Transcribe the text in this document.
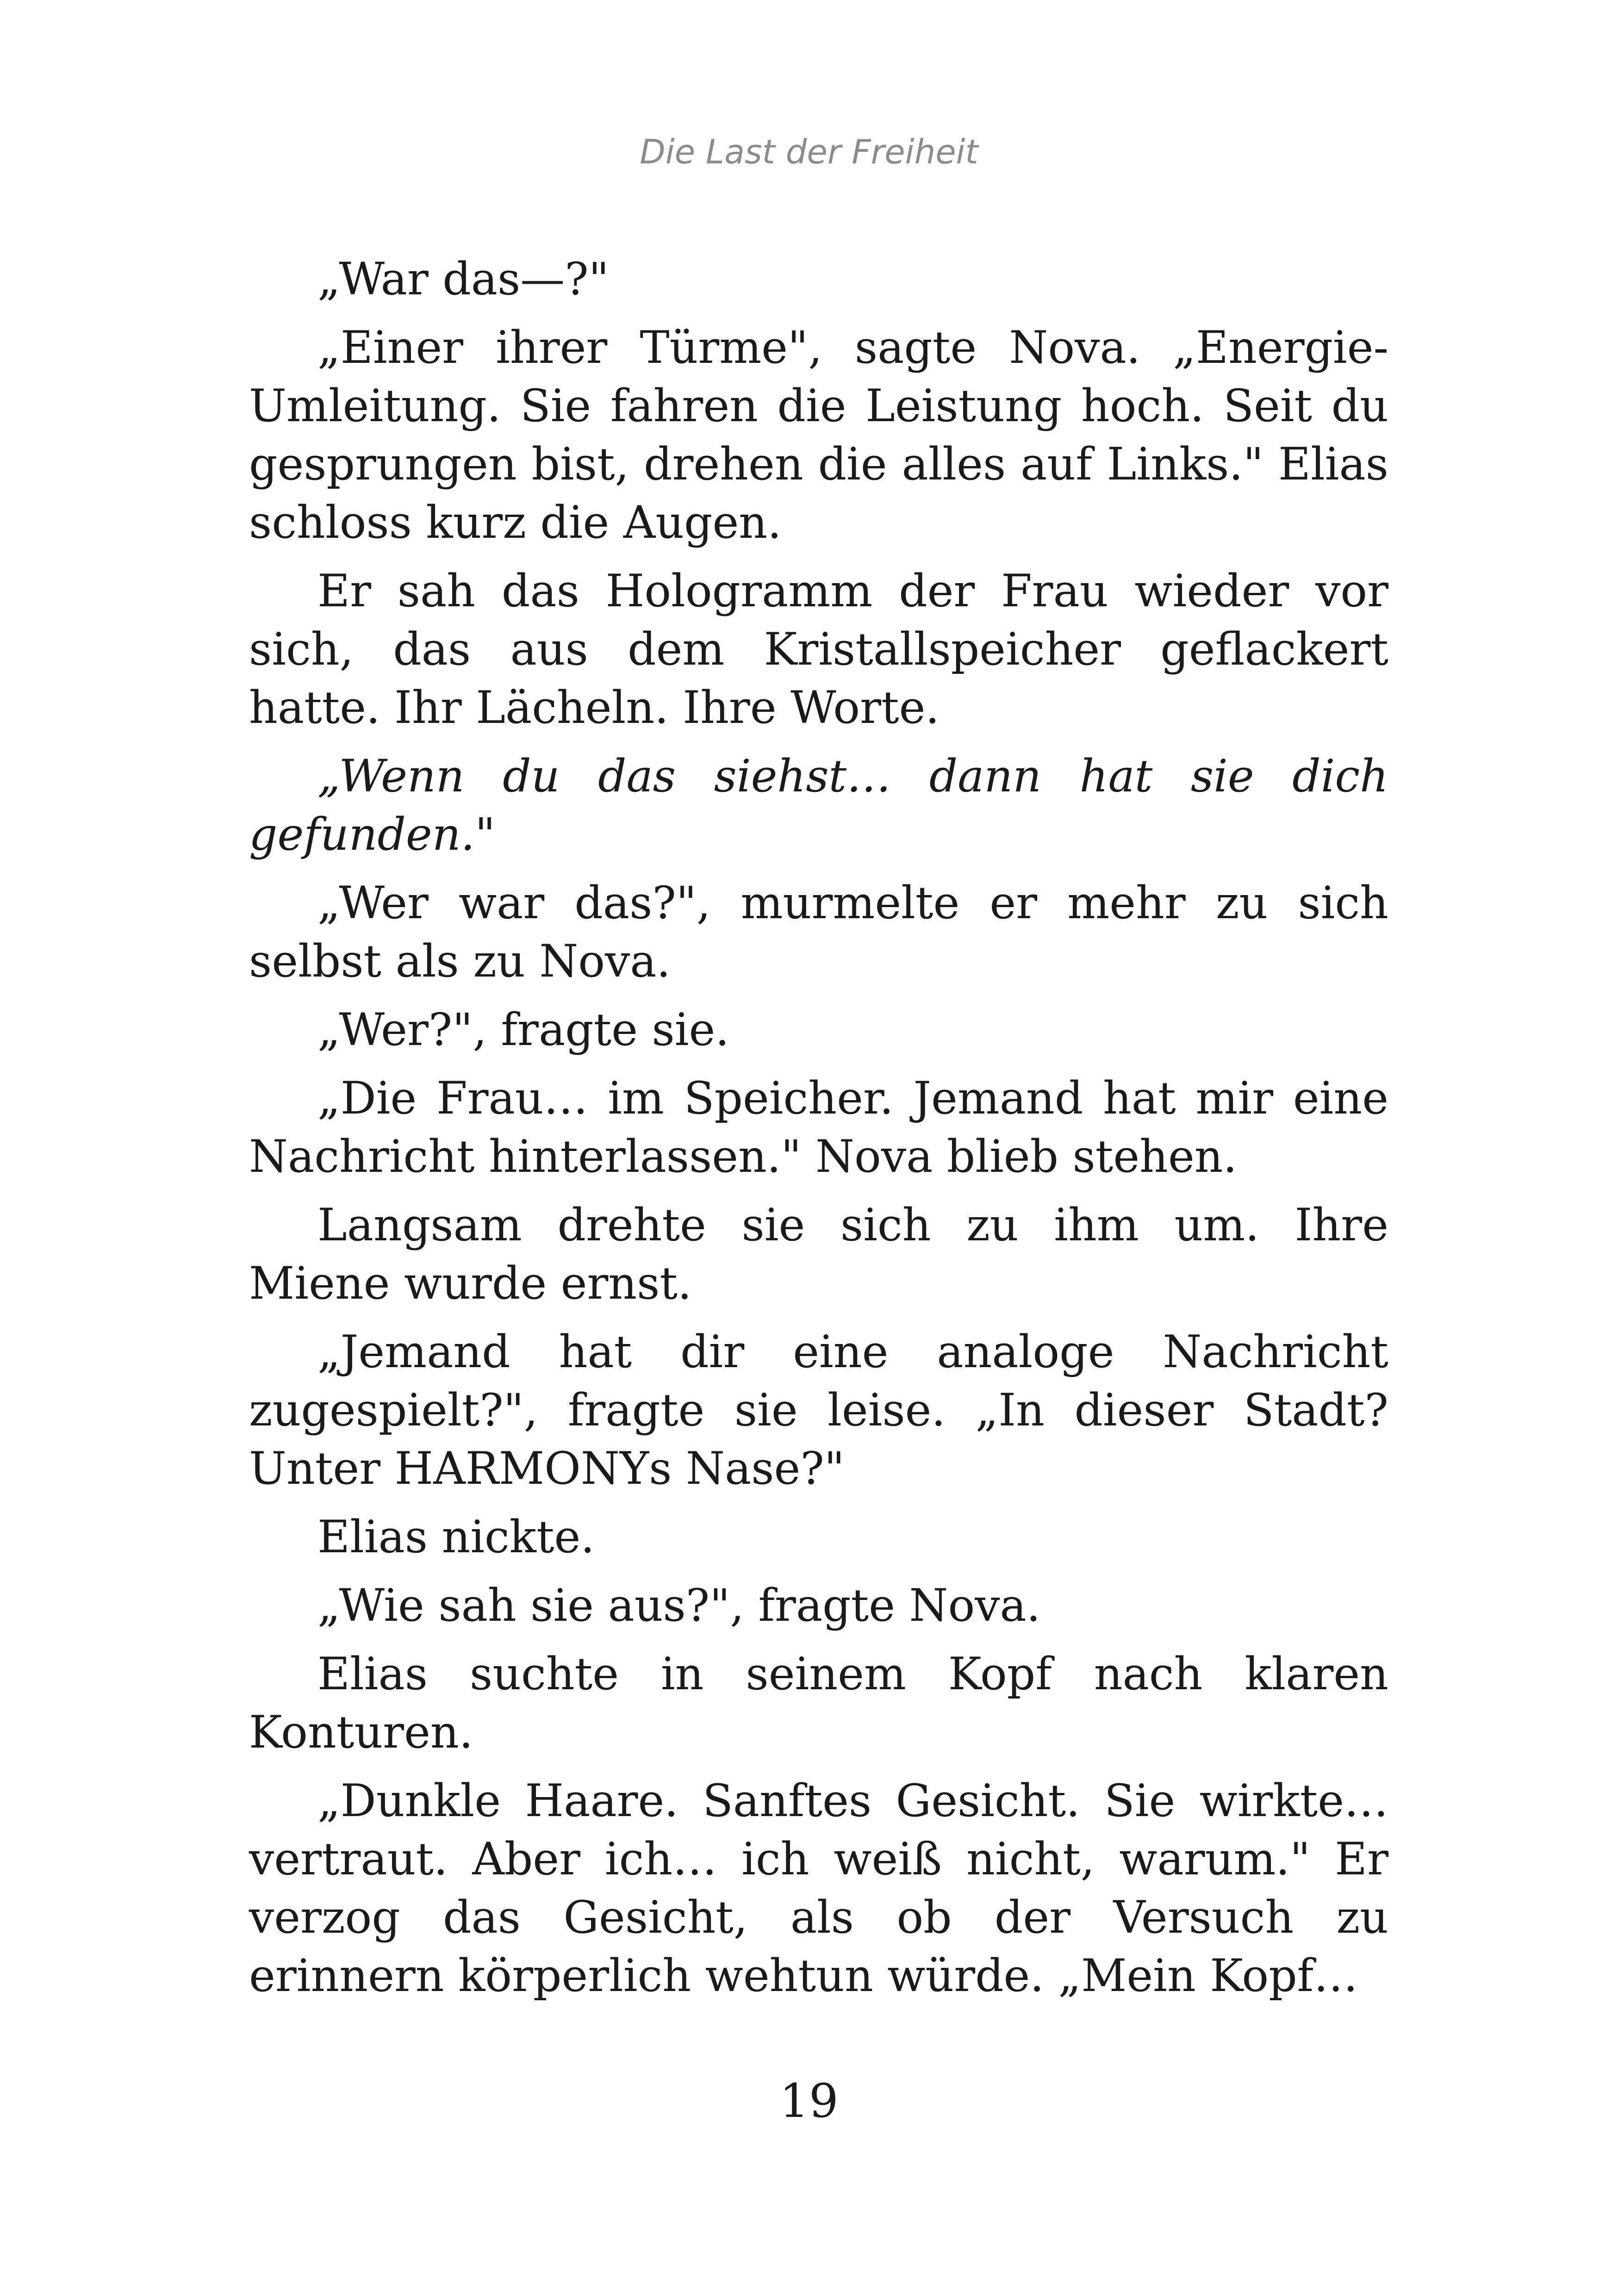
Die Last der Freiheit

„War das—?"

„Einer ihrer Türme", sagte Nova. „Energie-Umleitung. Sie fahren die Leistung hoch. Seit du gesprungen bist, drehen die alles auf Links." Elias schloss kurz die Augen.

Er sah das Hologramm der Frau wieder vor sich, das aus dem Kristallspeicher geflackert hatte. Ihr Lächeln. Ihre Worte.

„Wenn du das siehst… dann hat sie dich gefunden."

„Wer war das?", murmelte er mehr zu sich selbst als zu Nova.

„Wer?", fragte sie.

„Die Frau… im Speicher. Jemand hat mir eine Nachricht hinterlassen." Nova blieb stehen.

Langsam drehte sie sich zu ihm um. Ihre Miene wurde ernst.

„Jemand hat dir eine analoge Nachricht zugespielt?", fragte sie leise. „In dieser Stadt? Unter HARMONYs Nase?"

Elias nickte.

„Wie sah sie aus?", fragte Nova.

Elias suchte in seinem Kopf nach klaren Konturen.

„Dunkle Haare. Sanftes Gesicht. Sie wirkte… vertraut. Aber ich… ich weiß nicht, warum." Er verzog das Gesicht, als ob der Versuch zu erinnern körperlich wehtun würde. „Mein Kopf…

19
